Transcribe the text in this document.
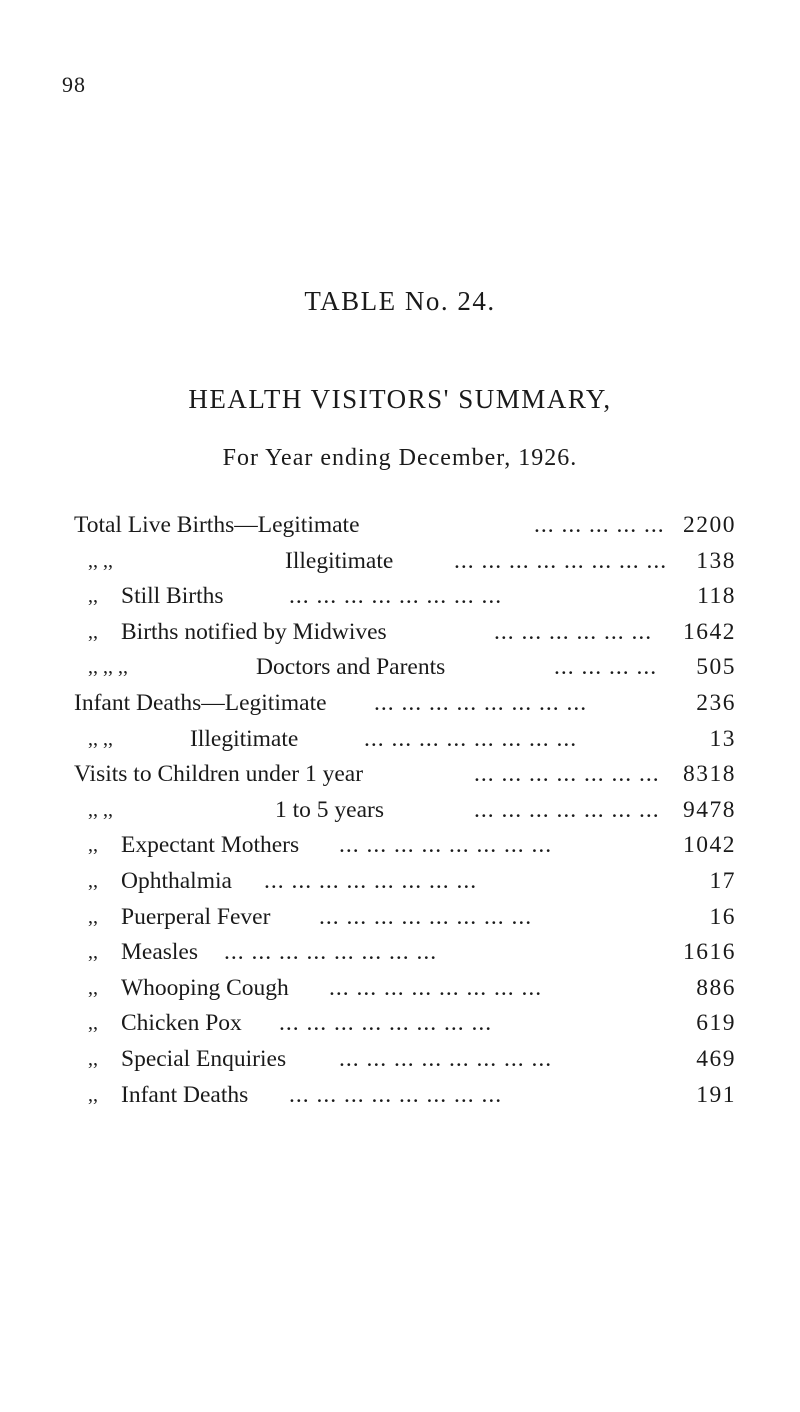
98
TABLE No. 24.
HEALTH VISITORS' SUMMARY,
For Year ending December, 1926.
Total Live Births—Legitimate	... ... ... ... ... 2200
,, ,,	Illegitimate	... ... ... ... ... ... ... ... 138
,, Still Births	... ... ... ... ... ... ... ...	118
,, Births notified by Midwives	... ... ... ... ... ... 1642
,, ,, ,,	Doctors and Parents	... ... ... ... 505
Infant Deaths—Legitimate ... ... ... ... ... ... ... ...	236
,, ,,	Illegitimate	... ... ... ... ... ... ... ...	13
Visits to Children under 1 year	... ... ... ... ... ... ... 8318
,, ,,	1 to 5 years	... ... ... ... ... ... ... 9478
,, Expectant Mothers ... ... ... ... ... ... ... ...	1042
,, Ophthalmia ... ... ... ... ... ... ... ...	17
,, Puerperal Fever ... ... ... ... ... ... ... ...	16
,, Measles ... ... ... ... ... ... ... ...	1616
,, Whooping Cough ... ... ... ... ... ... ... ...	886
,, Chicken Pox ... ... ... ... ... ... ... ...	619
,, Special Enquiries ... ... ... ... ... ... ... ...	469
,, Infant Deaths ... ... ... ... ... ... ... ...	191
